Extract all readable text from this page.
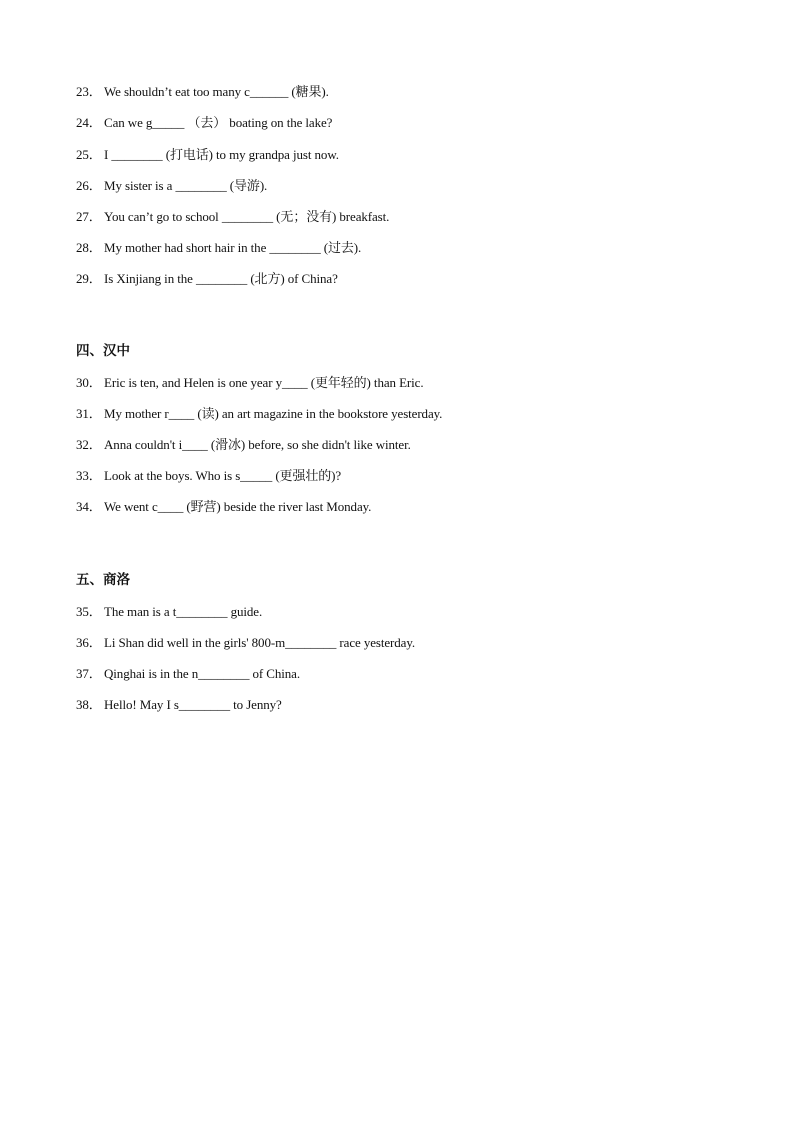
23． We shouldn’t eat too many c______ (糖果).
24． Can we g_____ （去） boating on the lake?
25． I ________ (打电话) to my grandpa just now.
26． My sister is a ________ (导游).
27． You can’t go to school ________ (无；没有) breakfast.
28． My mother had short hair in the ________ (过去).
29． Is Xinjiang in the ________ (北方) of China?
四、汉中
30． Eric is ten, and Helen is one year y____ (更年轻的) than Eric.
31． My mother r____ (读) an art magazine in the bookstore yesterday.
32． Anna couldn't i____ (滑冰) before, so she didn't like winter.
33． Look at the boys. Who is s_____ (更强壮的)?
34． We went c____ (野营) beside the river last Monday.
五、商洛
35． The man is a t________ guide.
36． Li Shan did well in the girls' 800-m________ race yesterday.
37． Qinghai is in the n________ of China.
38． Hello! May I s________ to Jenny?
